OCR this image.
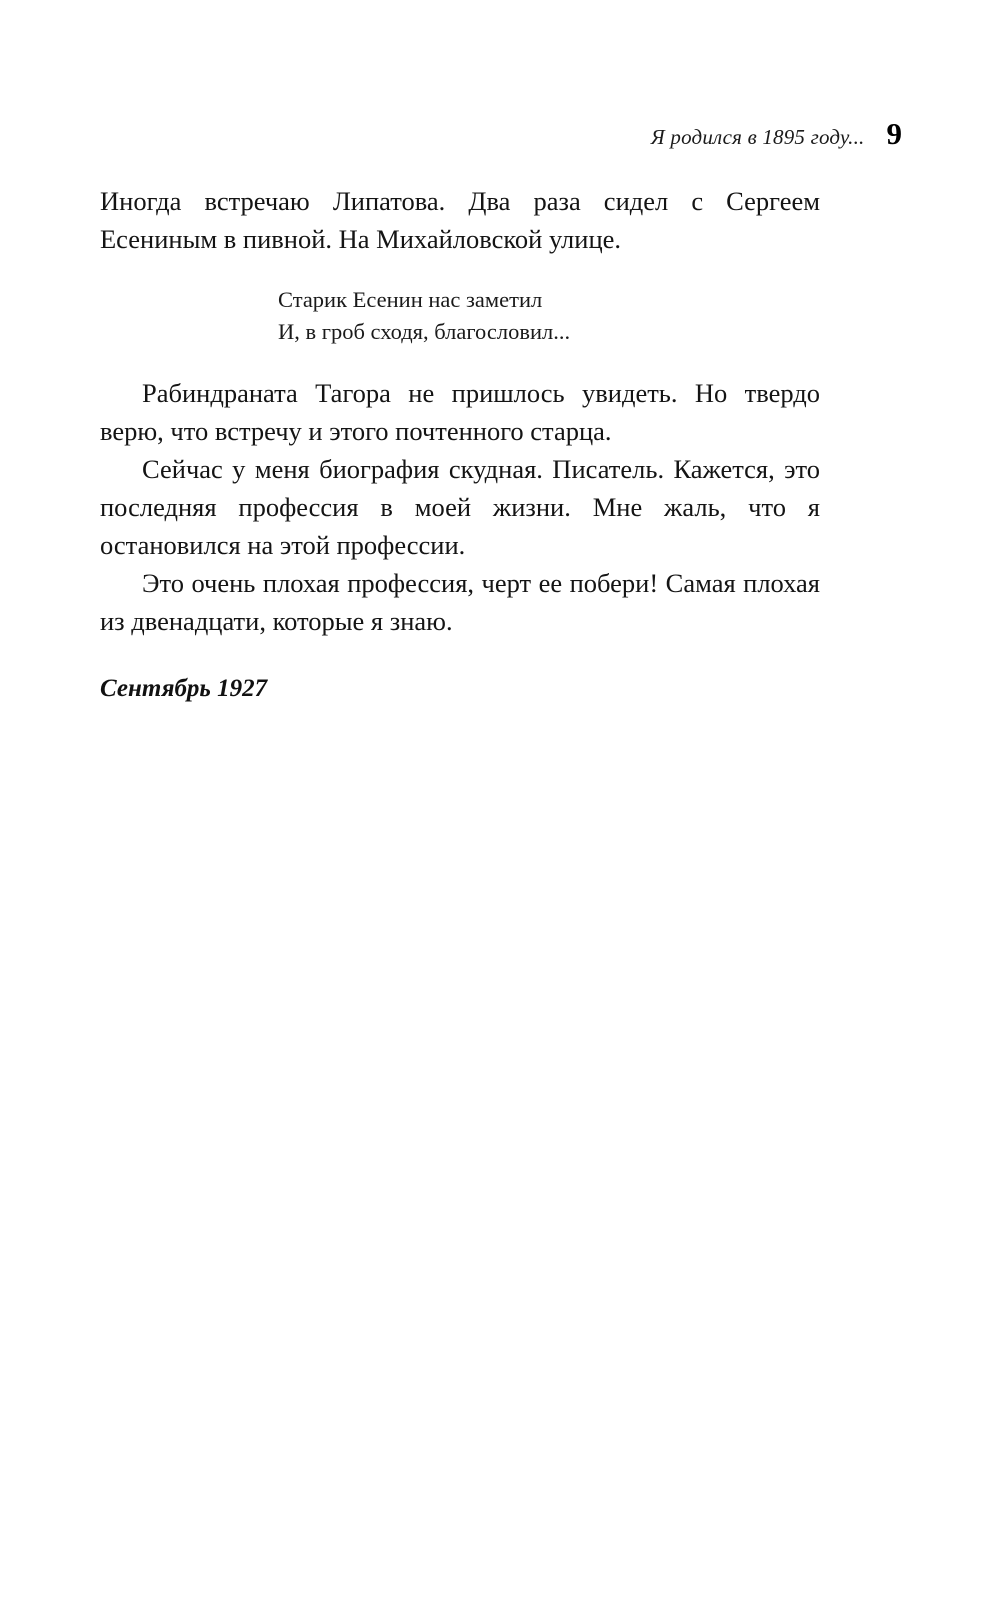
Я родился в 1895 году... 9

Иногда встречаю Липатова. Два раза сидел с Сергеем Есениным в пивной. На Михайловской улице.

Старик Есенин нас заметил
И, в гроб сходя, благословил...

Рабиндраната Тагора не пришлось увидеть. Но твердо верю, что встречу и этого почтенного старца.

Сейчас у меня биография скудная. Писатель. Кажется, это последняя профессия в моей жизни. Мне жаль, что я остановился на этой профессии.

Это очень плохая профессия, черт ее побери! Самая плохая из двенадцати, которые я знаю.

Сентябрь 1927
